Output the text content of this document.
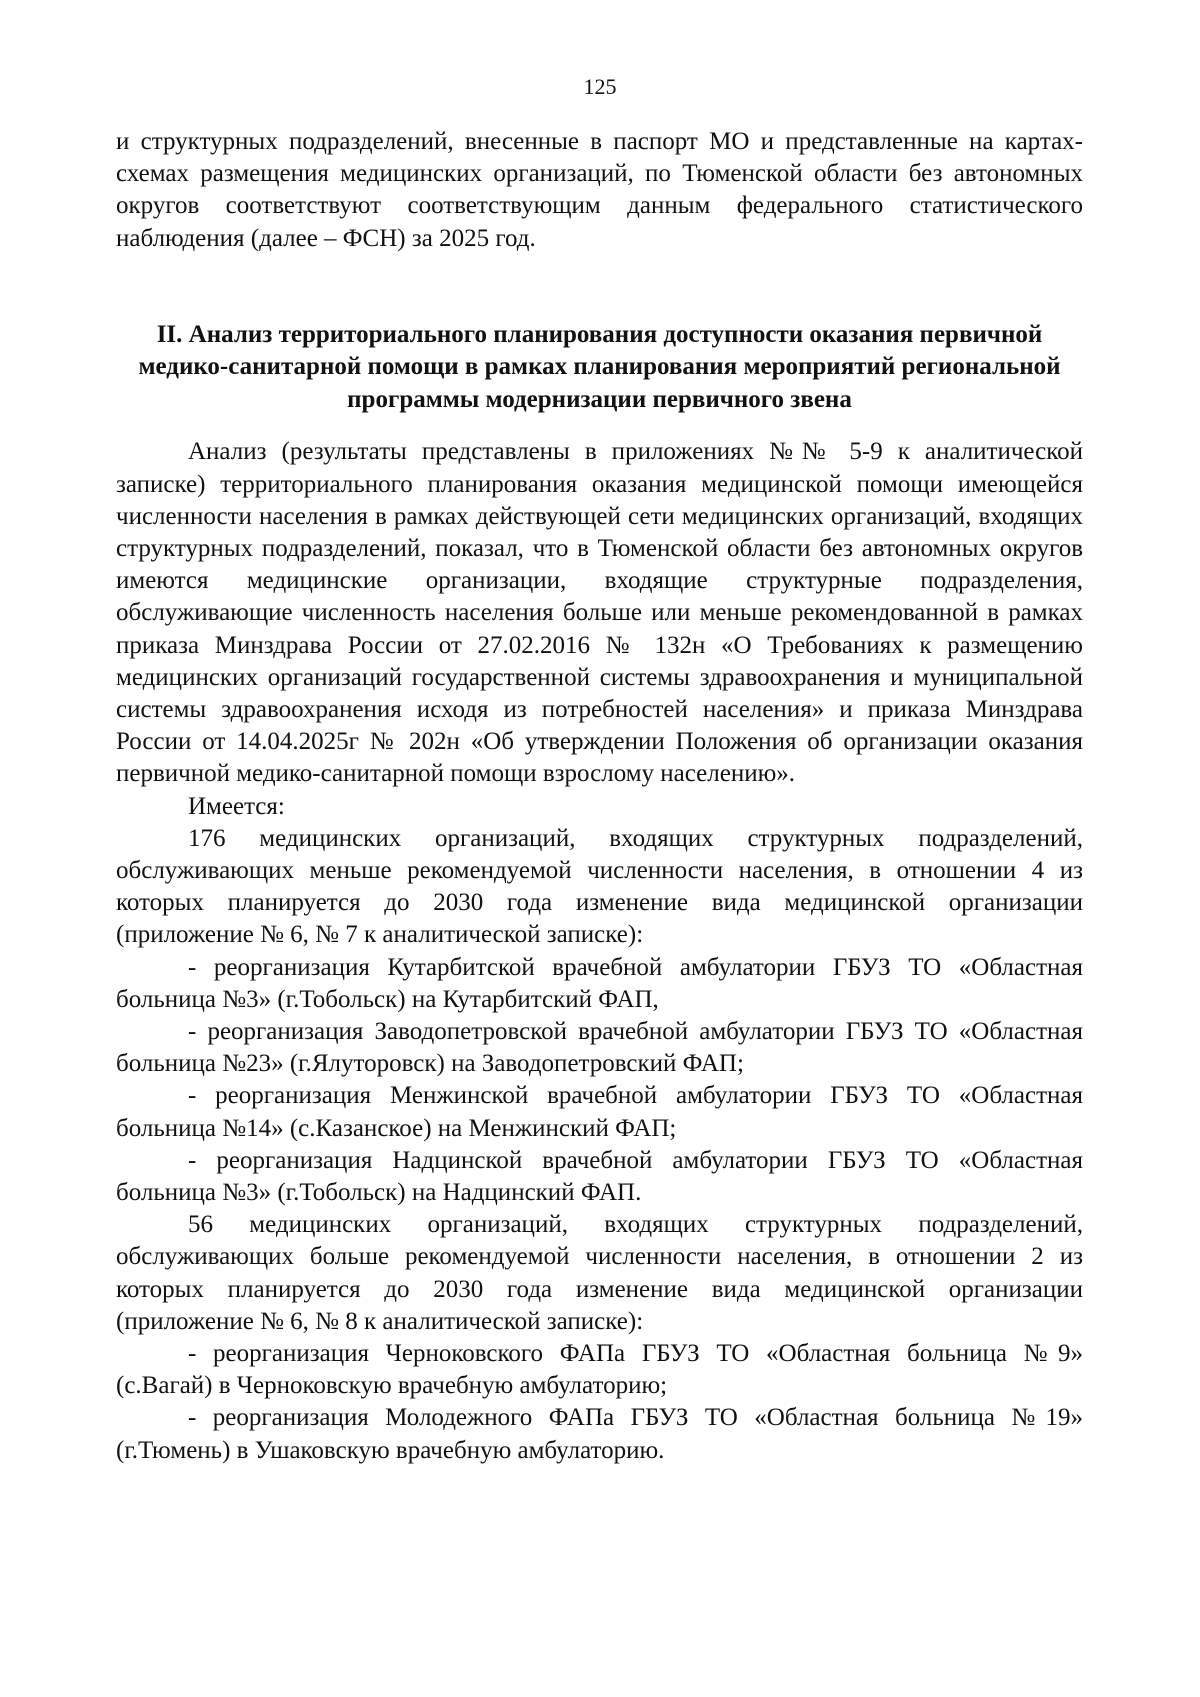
125

и структурных подразделений, внесенные в паспорт МО и представленные на картах-схемах размещения медицинских организаций, по Тюменской области без автономных округов соответствуют соответствующим данным федерального статистического наблюдения (далее – ФСН) за 2025 год.

II. Анализ территориального планирования доступности оказания первичной медико-санитарной помощи в рамках планирования мероприятий региональной программы модернизации первичного звена

Анализ (результаты представлены в приложениях №№ 5-9 к аналитической записке) территориального планирования оказания медицинской помощи имеющейся численности населения в рамках действующей сети медицинских организаций, входящих структурных подразделений, показал, что в Тюменской области без автономных округов имеются медицинские организации, входящие структурные подразделения, обслуживающие численность населения больше или меньше рекомендованной в рамках приказа Минздрава России от 27.02.2016 № 132н «О Требованиях к размещению медицинских организаций государственной системы здравоохранения и муниципальной системы здравоохранения исходя из потребностей населения» и приказа Минздрава России от 14.04.2025г № 202н «Об утверждении Положения об организации оказания первичной медико-санитарной помощи взрослому населению».

Имеется:

176 медицинских организаций, входящих структурных подразделений, обслуживающих меньше рекомендуемой численности населения, в отношении 4 из которых планируется до 2030 года изменение вида медицинской организации (приложение № 6, № 7 к аналитической записке):

- реорганизация Кутарбитской врачебной амбулатории ГБУЗ ТО «Областная больница №3» (г.Тобольск) на Кутарбитский ФАП,

- реорганизация Заводопетровской врачебной амбулатории ГБУЗ ТО «Областная больница №23» (г.Ялуторовск) на Заводопетровский ФАП;

- реорганизация Менжинской врачебной амбулатории ГБУЗ ТО «Областная больница №14» (с.Казанское) на Менжинский ФАП;

- реорганизация Надцинской врачебной амбулатории ГБУЗ ТО «Областная больница №3» (г.Тобольск) на Надцинский ФАП.

56 медицинских организаций, входящих структурных подразделений, обслуживающих больше рекомендуемой численности населения, в отношении 2 из которых планируется до 2030 года изменение вида медицинской организации (приложение № 6, № 8 к аналитической записке):

- реорганизация Черноковского ФАПа ГБУЗ ТО «Областная больница №9» (с.Вагай) в Черноковскую врачебную амбулаторию;

- реорганизация Молодежного ФАПа ГБУЗ ТО «Областная больница №19» (г.Тюмень) в Ушаковскую врачебную амбулаторию.
